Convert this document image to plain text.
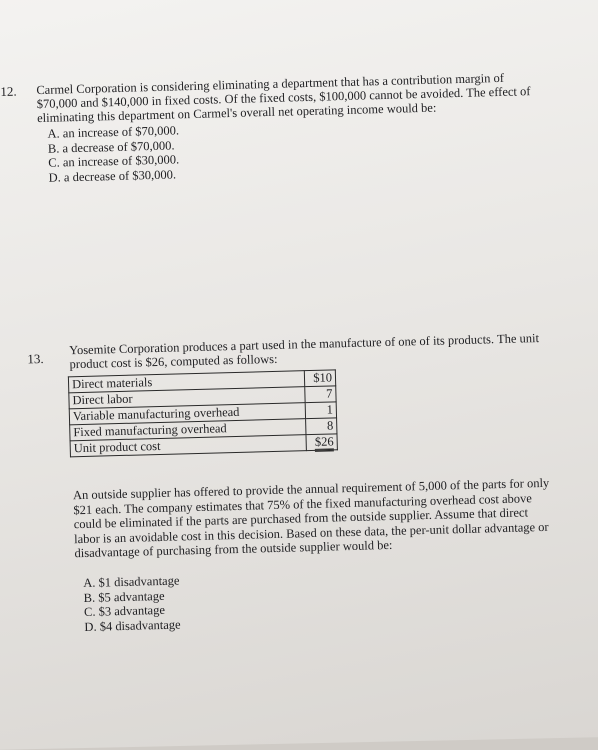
12. Carmel Corporation is considering eliminating a department that has a contribution margin of $70,000 and $140,000 in fixed costs. Of the fixed costs, $100,000 cannot be avoided. The effect of eliminating this department on Carmel's overall net operating income would be:
A. an increase of $70,000.
B. a decrease of $70,000.
C. an increase of $30,000.
D. a decrease of $30,000.
13.
Yosemite Corporation produces a part used in the manufacture of one of its products. The unit product cost is $26, computed as follows:
Direct materials	$10
Direct labor	7
Variable manufacturing overhead	1
Fixed manufacturing overhead	8
Unit product cost	$26
An outside supplier has offered to provide the annual requirement of 5,000 of the parts for only $21 each. The company estimates that 75% of the fixed manufacturing overhead cost above could be eliminated if the parts are purchased from the outside supplier. Assume that direct labor is an avoidable cost in this decision. Based on these data, the per-unit dollar advantage or disadvantage of purchasing from the outside supplier would be:
A. $1 disadvantage
B. $5 advantage
C. $3 advantage
D. $4 disadvantage
